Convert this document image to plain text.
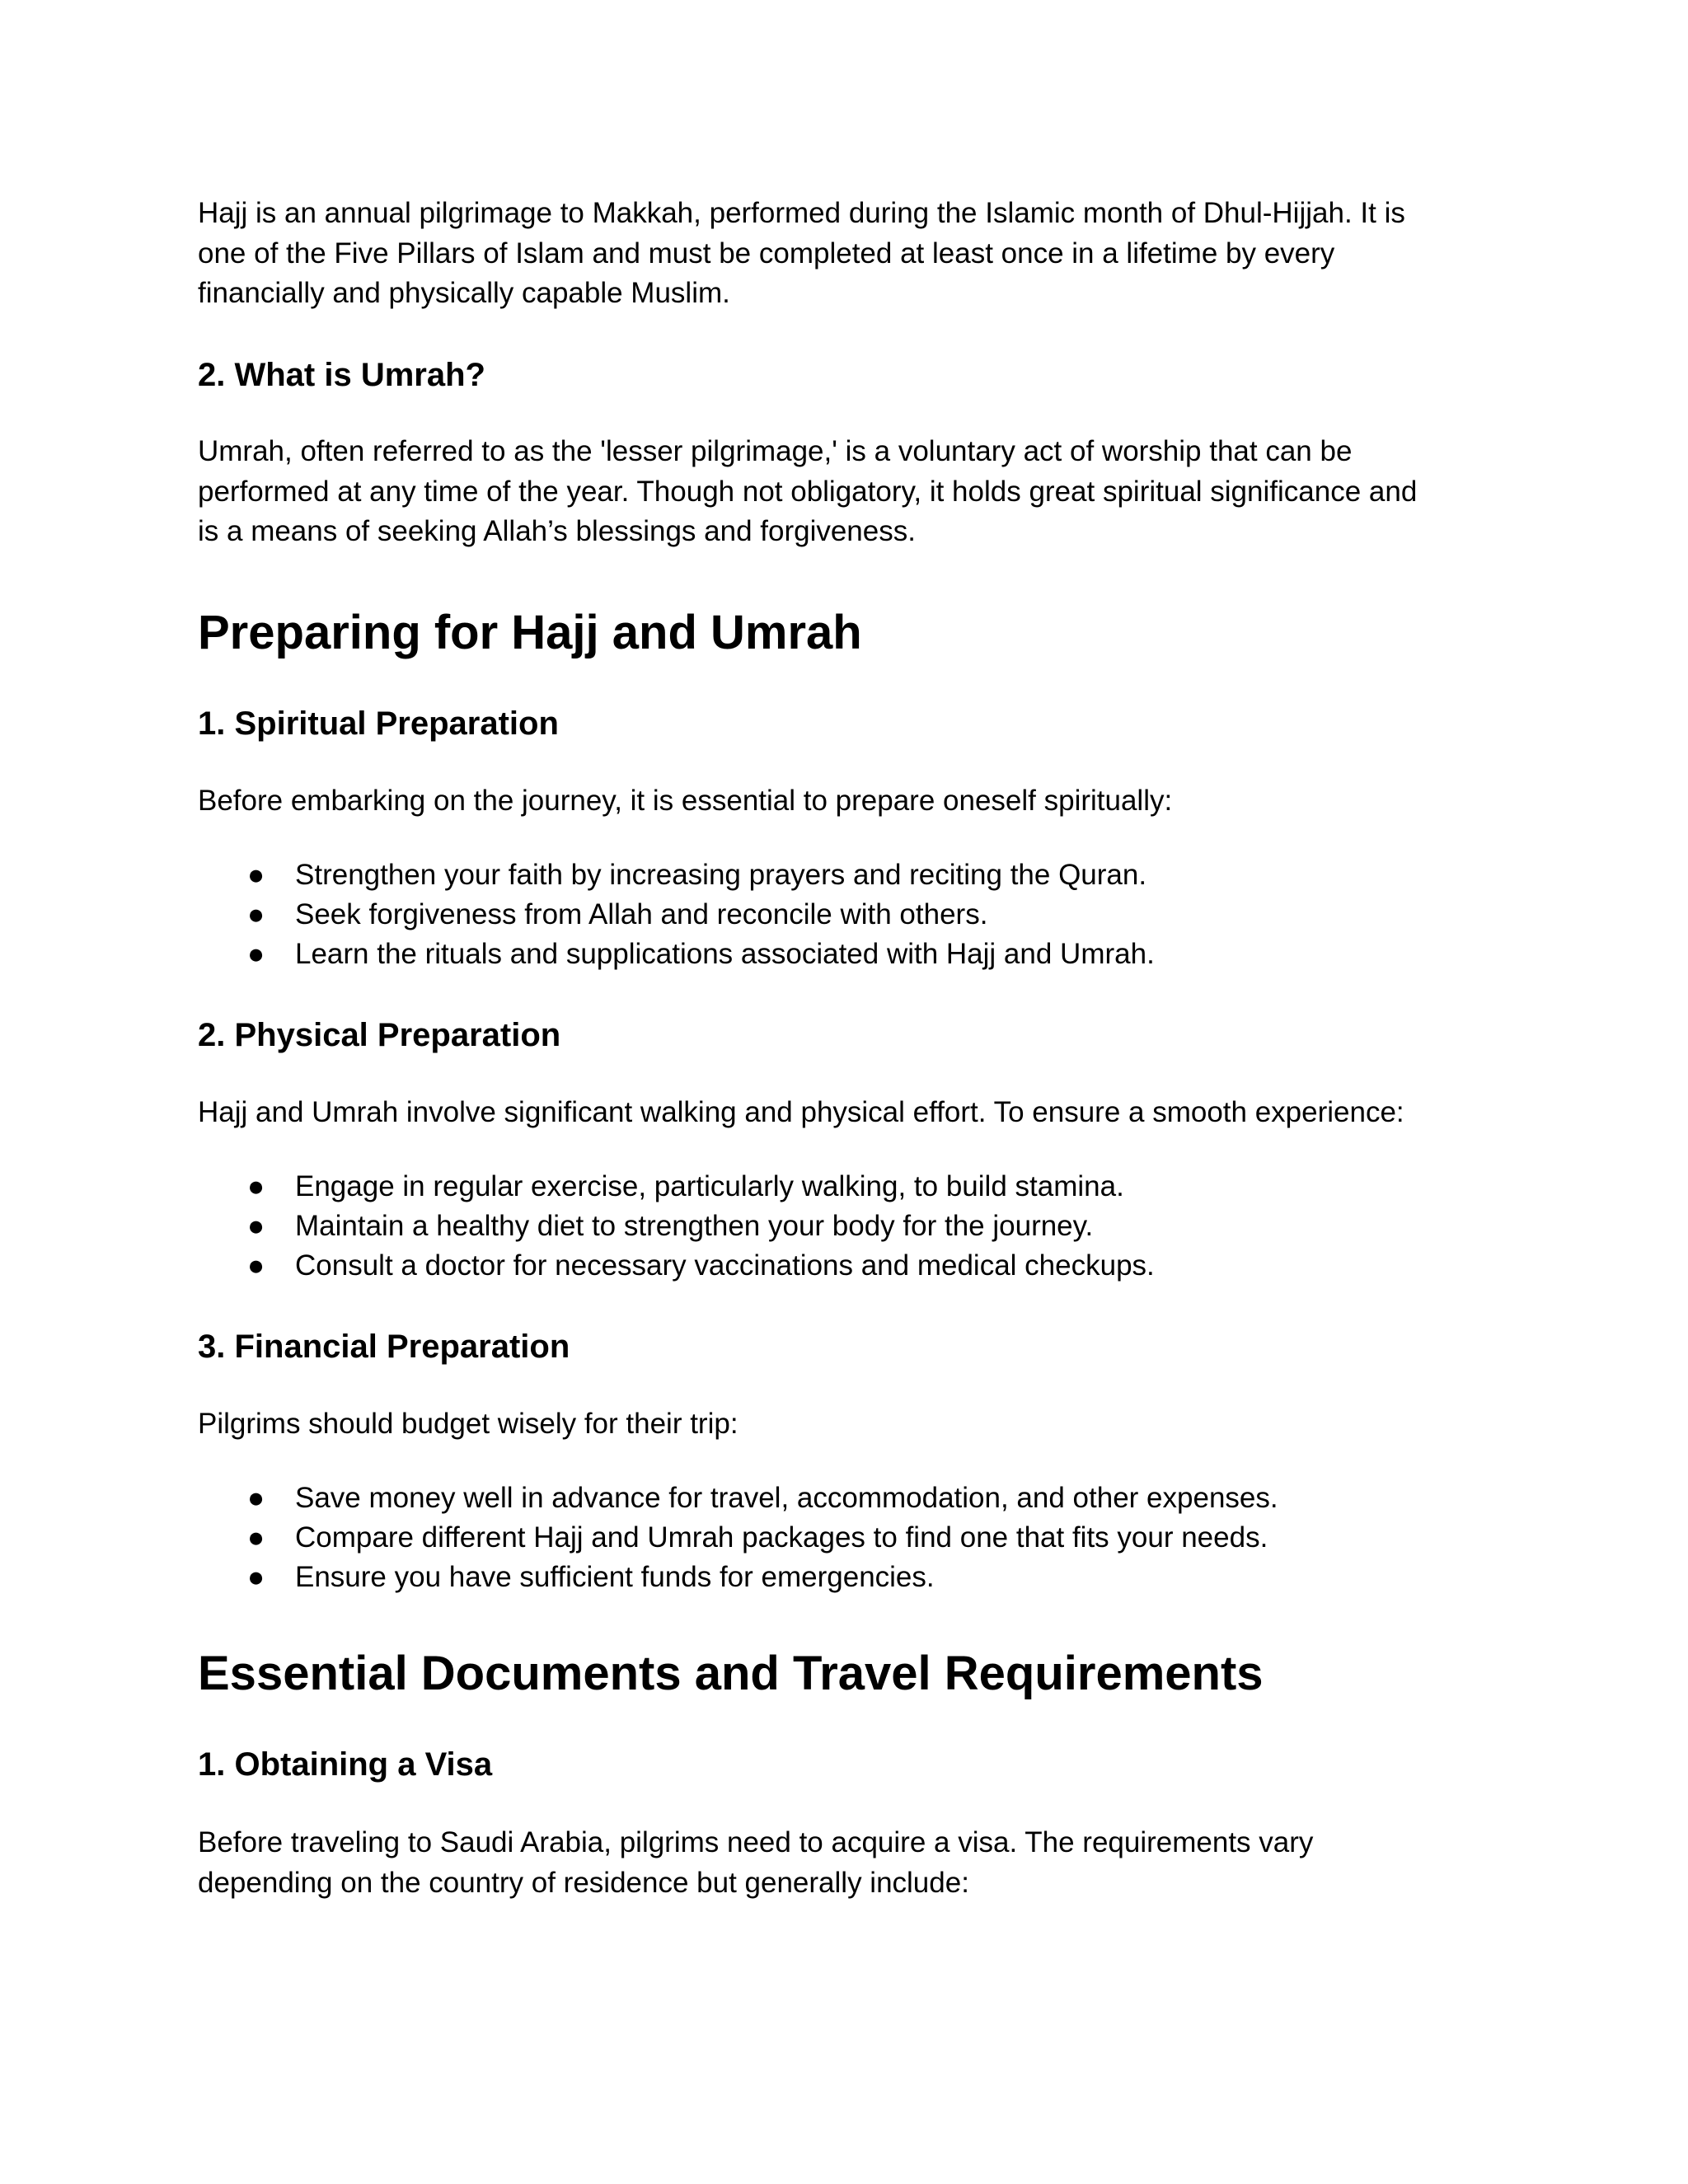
Hajj is an annual pilgrimage to Makkah, performed during the Islamic month of Dhul-Hijjah. It is
one of the Five Pillars of Islam and must be completed at least once in a lifetime by every
financially and physically capable Muslim.

2. What is Umrah?

Umrah, often referred to as the 'lesser pilgrimage,' is a voluntary act of worship that can be
performed at any time of the year. Though not obligatory, it holds great spiritual significance and
is a means of seeking Allah’s blessings and forgiveness.

Preparing for Hajj and Umrah
1. Spiritual Preparation

Before embarking on the journey, it is essential to prepare oneself spiritually:

● Strengthen your faith by increasing prayers and reciting the Quran.
● Seek forgiveness from Allah and reconcile with others.
● Learn the rituals and supplications associated with Hajj and Umrah.
2. Physical Preparation

Hajj and Umrah involve significant walking and physical effort. To ensure a smooth experience:

● Engage in regular exercise, particularly walking, to build stamina.
● Maintain a healthy diet to strengthen your body for the journey.
● Consult a doctor for necessary vaccinations and medical checkups.
3. Financial Preparation

Pilgrims should budget wisely for their trip:

● Save money well in advance for travel, accommodation, and other expenses.
● Compare different Hajj and Umrah packages to find one that fits your needs.
● Ensure you have sufficient funds for emergencies.
Essential Documents and Travel Requirements
1. Obtaining a Visa

Before traveling to Saudi Arabia, pilgrims need to acquire a visa. The requirements vary
depending on the country of residence but generally include:
